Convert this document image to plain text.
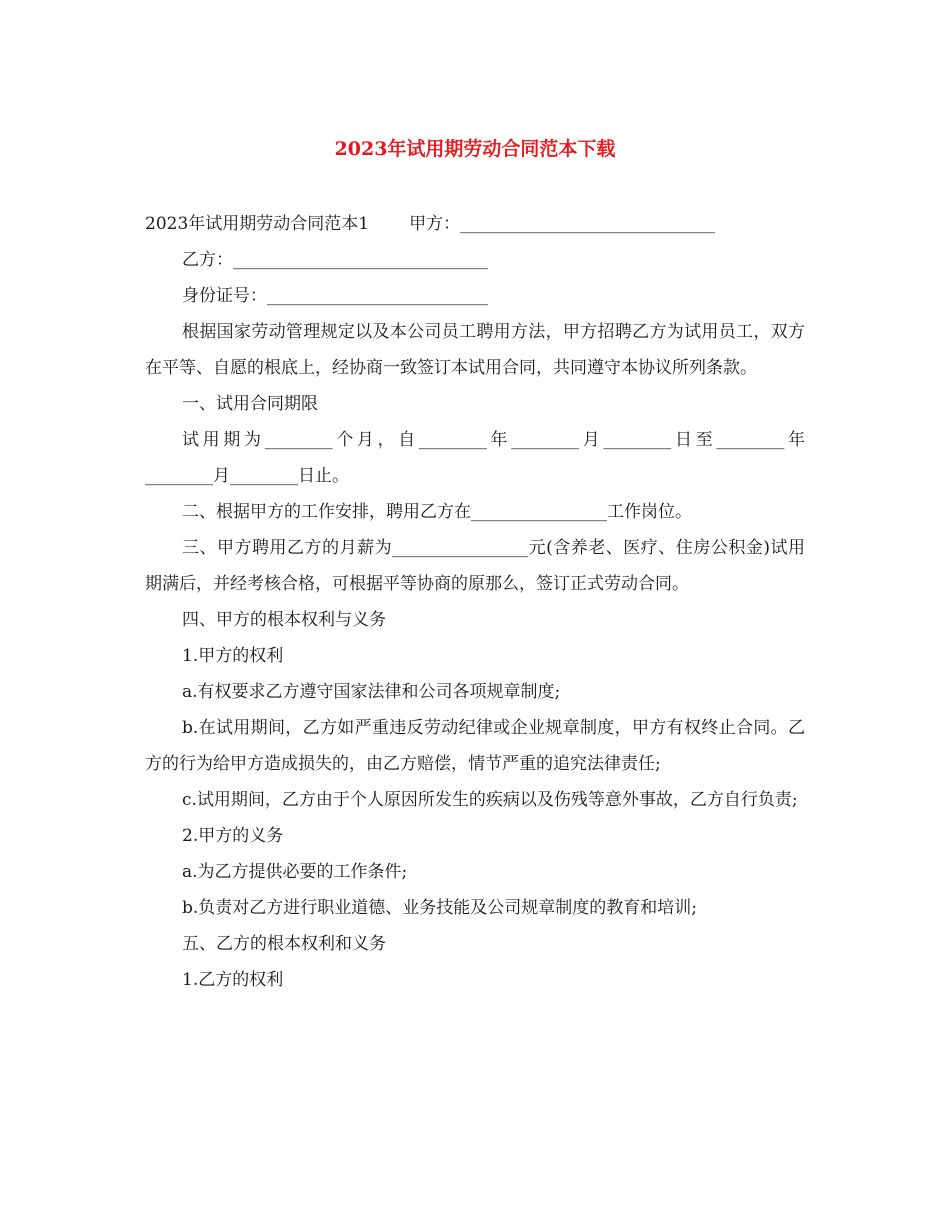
2023年试用期劳动合同范本下载

2023年试用期劳动合同范本1 甲方：______________________________

乙方：______________________________

身份证号：__________________________

根据国家劳动管理规定以及本公司员工聘用方法，甲方招聘乙方为试用员工，双方在平等、自愿的根底上，经协商一致签订本试用合同，共同遵守本协议所列条款。

一、试用合同期限

试用期为________个月，自________年________月________日至________年________月________日止。

二、根据甲方的工作安排，聘用乙方在________________工作岗位。

三、甲方聘用乙方的月薪为________________元(含养老、医疗、住房公积金)试用期满后，并经考核合格，可根据平等协商的原那么，签订正式劳动合同。

四、甲方的根本权利与义务

1.甲方的权利

a.有权要求乙方遵守国家法律和公司各项规章制度;

b.在试用期间，乙方如严重违反劳动纪律或企业规章制度，甲方有权终止合同。乙方的行为给甲方造成损失的，由乙方赔偿，情节严重的追究法律责任;

c.试用期间，乙方由于个人原因所发生的疾病以及伤残等意外事故，乙方自行负责;

2.甲方的义务

a.为乙方提供必要的工作条件;

b.负责对乙方进行职业道德、业务技能及公司规章制度的教育和培训;

五、乙方的根本权利和义务

1.乙方的权利
